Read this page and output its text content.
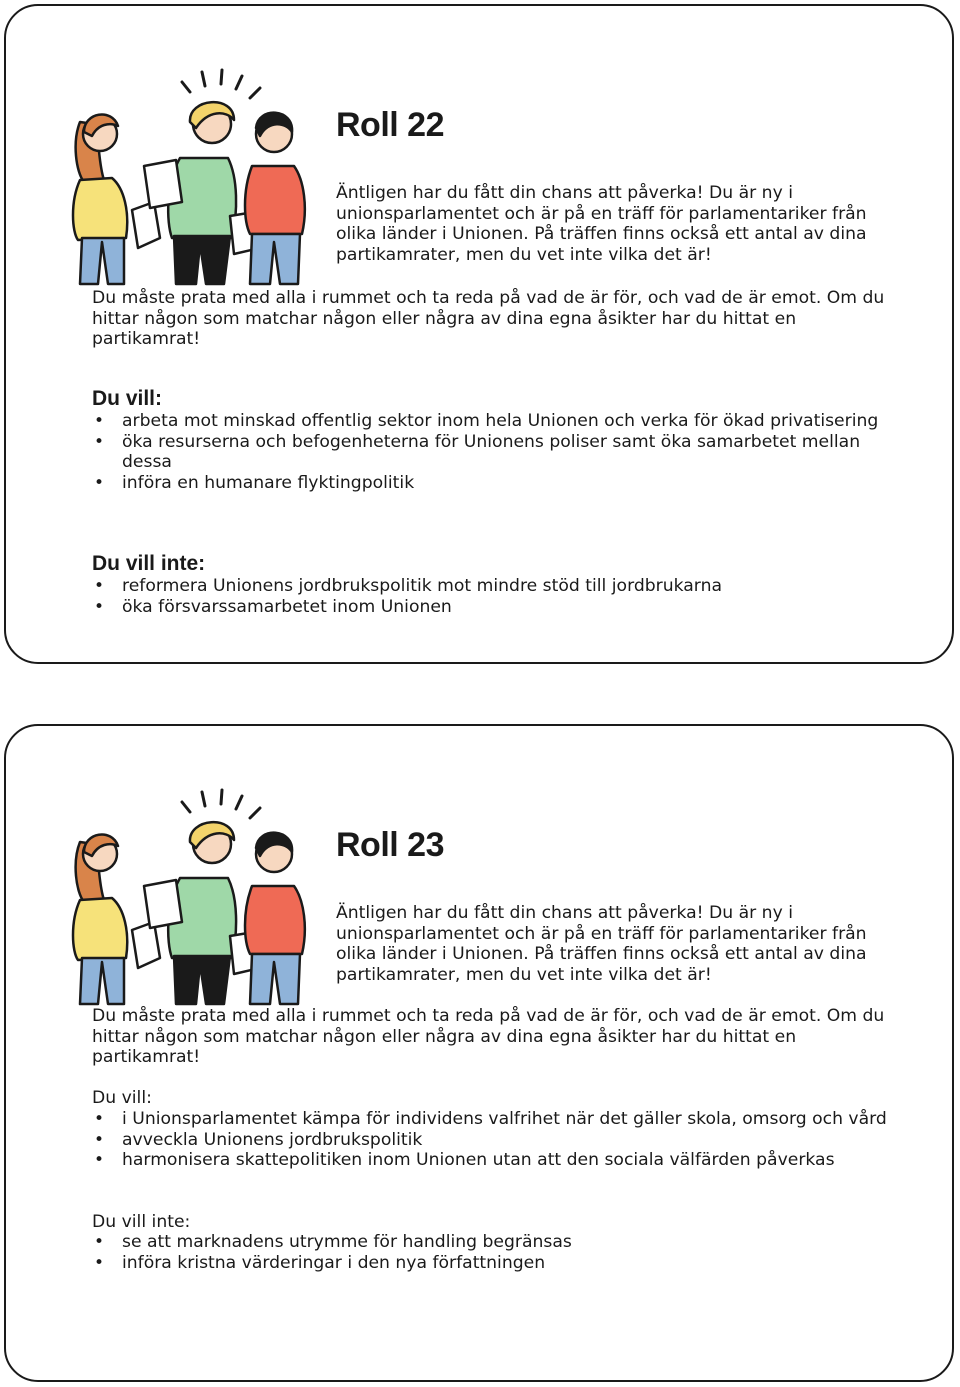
Roll 22

Äntligen har du fått din chans att påverka! Du är ny i unionsparlamentet och är på en träff för parlamentariker från olika länder i Unionen. På träffen finns också ett antal av dina partikamrater, men du vet inte vilka det är!

Du måste prata med alla i rummet och ta reda på vad de är för, och vad de är emot. Om du hittar någon som matchar någon eller några av dina egna åsikter har du hittat en partikamrat!

Du vill:
• arbeta mot minskad offentlig sektor inom hela Unionen och verka för ökad privatisering
• öka resurserna och befogenheterna för Unionens poliser samt öka samarbetet mellan dessa
• införa en humanare flyktingpolitik
Du vill inte:
• reformera Unionens jordbrukspolitik mot mindre stöd till jordbrukarna
• öka försvarssamarbetet inom Unionen
Roll 23

Äntligen har du fått din chans att påverka! Du är ny i unionsparlamentet och är på en träff för parlamentariker från olika länder i Unionen. På träffen finns också ett antal av dina partikamrater, men du vet inte vilka det är!

Du måste prata med alla i rummet och ta reda på vad de är för, och vad de är emot. Om du hittar någon som matchar någon eller några av dina egna åsikter har du hittat en partikamrat!

Du vill:
• i Unionsparlamentet kämpa för individens valfrihet när det gäller skola, omsorg och vård
• avveckla Unionens jordbrukspolitik
• harmonisera skattepolitiken inom Unionen utan att den sociala välfärden påverkas
Du vill inte:
• se att marknadens utrymme för handling begränsas
• införa kristna värderingar i den nya författningen
